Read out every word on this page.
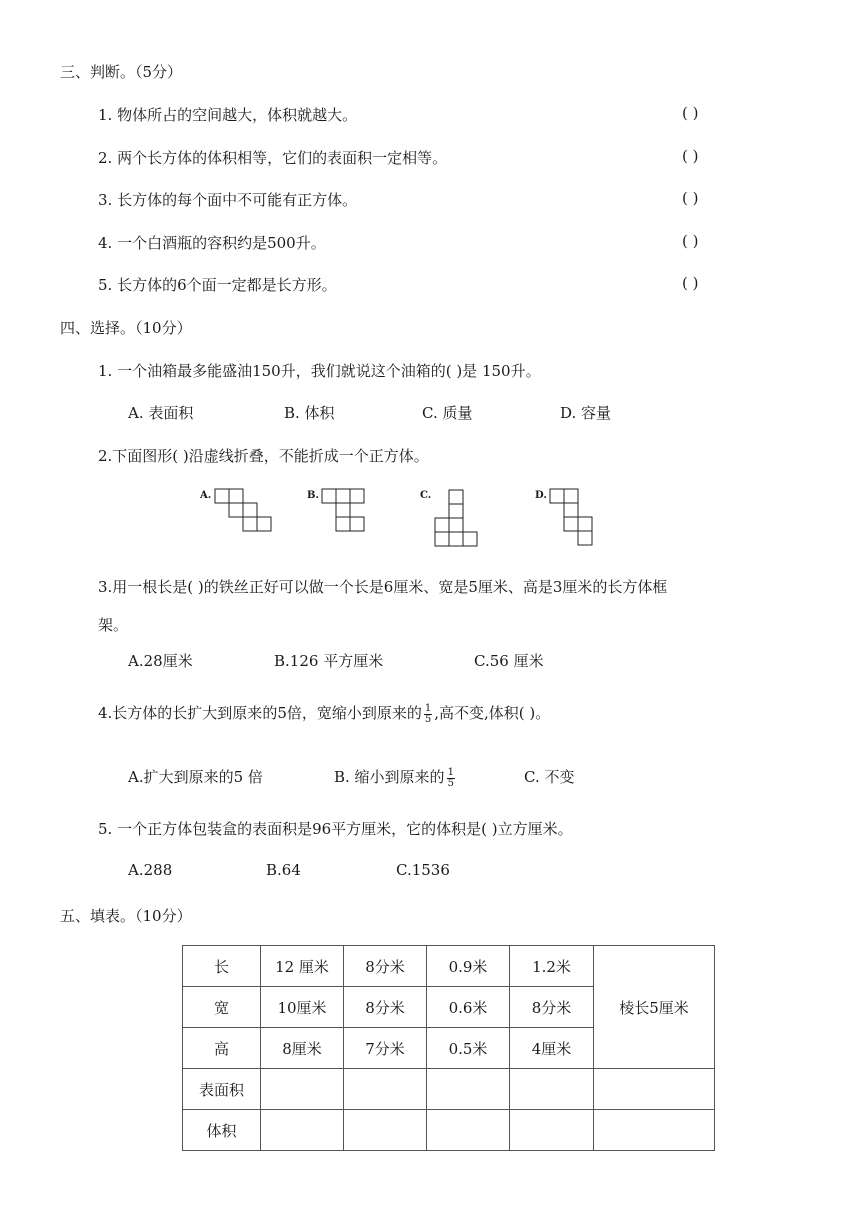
三、判断。（5分）
1. 物体所占的空间越大，体积就越大。	( )
2. 两个长方体的体积相等，它们的表面积一定相等。	( )
3. 长方体的每个面中不可能有正方体。	( )
4. 一个白酒瓶的容积约是500升。	( )
5. 长方体的6个面一定都是长方形。	( )
四、选择。（10分）
1. 一个油箱最多能盛油150升，我们就说这个油箱的( )是 150升。
A. 表面积	B. 体积	C. 质量	D. 容量
2.下面图形( )沿虚线折叠，不能折成一个正方体。
A.	B.	C.	D.
3.用一根长是( )的铁丝正好可以做一个长是6厘米、宽是5厘米、高是3厘米的长方体框
架。
A.28厘米	B.126 平方厘米	C.56 厘米
4.长方体的长扩大到原来的5倍，宽缩小到原来的 $\frac{1}{5}$ ,高不变,体积( )。
A.扩大到原来的5 倍	B. 缩小到原来的 $\frac{1}{5}$	C. 不变
5. 一个正方体包装盒的表面积是96平方厘米，它的体积是( )立方厘米。
A.288	B.64	C.1536
五、填表。（10分）
长	12 厘米	8分米	0.9米	1.2米	棱长5厘米
宽	10厘米	8分米	0.6米	8分米	
高	8厘米	7分米	0.5米	4厘米	
表面积					
体积					
